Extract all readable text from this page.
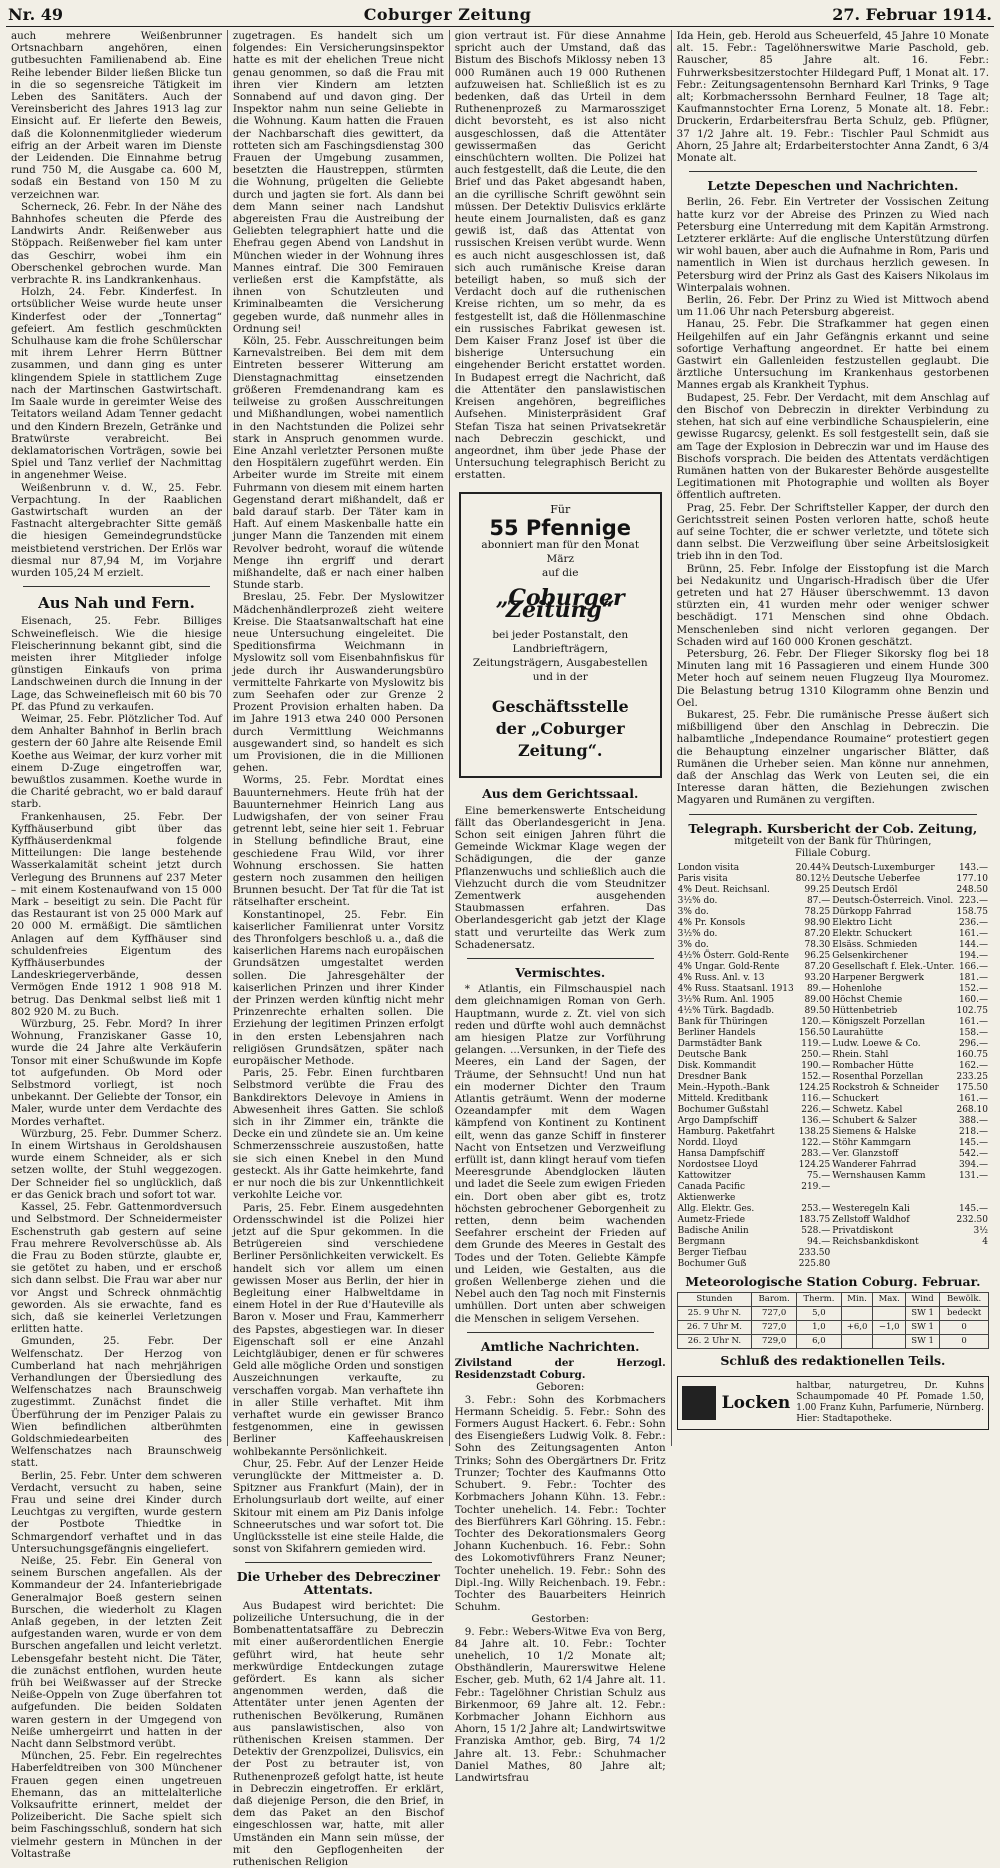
Nr. 49	Coburger Zeitung	27. Februar 1914.

auch mehrere Weißenbrunner Ortsnachbarn angehören, einen gutbesuchten Familienabend ab. Eine Reihe lebender Bilder ließen Blicke tun in die so segensreiche Tätigkeit im Leben des Sanitäters. Auch der Vereinsbericht des Jahres 1913 lag zur Einsicht auf. Er lieferte den Beweis, daß die Kolonnenmitglieder wiederum eifrig an der Arbeit waren im Dienste der Leidenden. Die Einnahme betrug rund 750 M, die Ausgabe ca. 600 M, sodaß ein Bestand von 150 M zu verzeichnen war.

Scherneck, 26. Febr. In der Nähe des Bahnhofes scheuten die Pferde des Landwirts Andr. Reißenweber aus Stöppach. Reißenweber fiel kam unter das Geschirr, wobei ihm ein Oberschenkel gebrochen wurde. Man verbrachte R. ins Landkrankenhaus.

Holzh, 24. Febr. Kinderfest. In ortsüblicher Weise wurde heute unser Kinderfest oder der „Tonnertag“ gefeiert. Am festlich geschmückten Schulhause kam die frohe Schülerschar mit ihrem Lehrer Herrn Büttner zusammen, und dann ging es unter klingendem Spiele in stattlichem Zuge nach der Martinschen Gastwirtschaft. Im Saale wurde in gereimter Weise des Teitators weiland Adam Tenner gedacht und den Kindern Brezeln, Getränke und Bratwürste verabreicht. Bei deklamatorischen Vorträgen, sowie bei Spiel und Tanz verlief der Nachmittag in angenehmer Weise.

Weißenbrunn v. d. W., 25. Febr. Verpachtung. In der Raablichen Gastwirtschaft wurden an der Fastnacht altergebrachter Sitte gemäß die hiesigen Gemeindegrundstücke meistbietend verstrichen. Der Erlös war diesmal nur 87,94 M, im Vorjahre wurden 105,24 M erzielt.

Aus Nah und Fern.

Eisenach, 25. Febr. Billiges Schweinefleisch. Wie die hiesige Fleischerinnung bekannt gibt, sind die meisten ihrer Mitglieder infolge günstigen Einkaufs von prima Landschweinen durch die Innung in der Lage, das Schweinefleisch mit 60 bis 70 Pf. das Pfund zu verkaufen.

Weimar, 25. Febr. Plötzlicher Tod. Auf dem Anhalter Bahnhof in Berlin brach gestern der 60 Jahre alte Reisende Emil Koethe aus Weimar, der kurz vorher mit einem D-Zuge eingetroffen war, bewußtlos zusammen. Koethe wurde in die Charité gebracht, wo er bald darauf starb.

Frankenhausen, 25. Febr. Der Kyffhäuserbund gibt über das Kyffhäuserdenkmal folgende Mitteilungen: Die lange bestehende Wasserkalamität scheint jetzt durch Verlegung des Brunnens auf 237 Meter – mit einem Kostenaufwand von 15 000 Mark – beseitigt zu sein. Die Pacht für das Restaurant ist von 25 000 Mark auf 20 000 M. ermäßigt. Die sämtlichen Anlagen auf dem Kyffhäuser sind schuldenfreies Eigentum des Kyffhäuserbundes der Landeskriegerverbände, dessen Vermögen Ende 1912 1 908 918 M. betrug. Das Denkmal selbst ließ mit 1 802 920 M. zu Buch.

Würzburg, 25. Febr. Mord? In ihrer Wohnung, Franziskaner Gasse 10, wurde die 24 Jahre alte Verkäuferin Tonsor mit einer Schußwunde im Kopfe tot aufgefunden. Ob Mord oder Selbstmord vorliegt, ist noch unbekannt. Der Geliebte der Tonsor, ein Maler, wurde unter dem Verdachte des Mordes verhaftet.

Würzburg, 25. Febr. Dummer Scherz. In einem Wirtshaus in Geroldshausen wurde einem Schneider, als er sich setzen wollte, der Stuhl weggezogen. Der Schneider fiel so unglücklich, daß er das Genick brach und sofort tot war.

Kassel, 25. Febr. Gattenmordversuch und Selbstmord. Der Schneidermeister Eschenstruth gab gestern auf seine Frau mehrere Revolverschüsse ab. Als die Frau zu Boden stürzte, glaubte er, sie getötet zu haben, und er erschoß sich dann selbst. Die Frau war aber nur vor Angst und Schreck ohnmächtig geworden. Als sie erwachte, fand es sich, daß sie keinerlei Verletzungen erlitten hatte.

Gmunden, 25. Febr. Der Welfenschatz. Der Herzog von Cumberland hat nach mehrjährigen Verhandlungen der Übersiedlung des Welfenschatzes nach Braunschweig zugestimmt. Zunächst findet die Überführung der im Penziger Palais zu Wien befindlichen altberühmten Goldschmiedearbeiten des Welfenschatzes nach Braunschweig statt.

Berlin, 25. Febr. Unter dem schweren Verdacht, versucht zu haben, seine Frau und seine drei Kinder durch Leuchtgas zu vergiften, wurde gestern der Postbote Thiedtke in Schmargendorf verhaftet und in das Untersuchungsgefängnis eingeliefert.

Neiße, 25. Febr. Ein General von seinem Burschen angefallen. Als der Kommandeur der 24. Infanteriebrigade Generalmajor Boeß gestern seinen Burschen, die wiederholt zu Klagen Anlaß gegeben, in der letzten Zeit aufgestanden waren, wurde er von dem Burschen angefallen und leicht verletzt. Lebensgefahr besteht nicht. Die Täter, die zunächst entflohen, wurden heute früh bei Weißwasser auf der Strecke Neiße-Oppeln von Zuge überfahren tot aufgefunden. Die beiden Soldaten waren gestern in der Umgegend von Neiße umhergeirrt und hatten in der Nacht dann Selbstmord verübt.

München, 25. Febr. Ein regelrechtes Haberfeldtreiben von 300 Münchener Frauen gegen einen ungetreuen Ehemann, das an mittelalterliche Volksaufritte erinnert, meldet der Polizeibericht. Die Sache spielt sich beim Faschingsschluß, sondern hat sich vielmehr gestern in München in der Voltastraße

zugetragen. Es handelt sich um folgendes: Ein Versicherungsinspektor hatte es mit der ehelichen Treue nicht genau genommen, so daß die Frau mit ihren vier Kindern am letzten Sonnabend auf und davon ging. Der Inspektor nahm nun seine Geliebte in die Wohnung. Kaum hatten die Frauen der Nachbarschaft dies gewittert, da rotteten sich am Faschingsdienstag 300 Frauen der Umgebung zusammen, besetzten die Haustreppen, stürmten die Wohnung, prügelten die Geliebte durch und jagten sie fort. Als dann bei dem Mann seiner nach Landshut abgereisten Frau die Austreibung der Geliebten telegraphiert hatte und die Ehefrau gegen Abend von Landshut in München wieder in der Wohnung ihres Mannes eintraf. Die 300 Femirauen verließen erst die Kampfstätte, als ihnen von Schutzleuten und Kriminalbeamten die Versicherung gegeben wurde, daß nunmehr alles in Ordnung sei!

Köln, 25. Febr. Ausschreitungen beim Karnevalstreiben. Bei dem mit dem Eintreten besserer Witterung am Dienstagnachmittag einsetzenden größeren Fremdenandrang kam es teilweise zu großen Ausschreitungen und Mißhandlungen, wobei namentlich in den Nachtstunden die Polizei sehr stark in Anspruch genommen wurde. Eine Anzahl verletzter Personen mußte den Hospitälern zugeführt werden. Ein Arbeiter wurde im Streite mit einem Fuhrmann von diesem mit einem harten Gegenstand derart mißhandelt, daß er bald darauf starb. Der Täter kam in Haft. Auf einem Maskenballe hatte ein junger Mann die Tanzenden mit einem Revolver bedroht, worauf die wütende Menge ihn ergriff und derart mißhandelte, daß er nach einer halben Stunde starb.

Breslau, 25. Febr. Der Myslowitzer Mädchenhändlerprozeß zieht weitere Kreise. Die Staatsanwaltschaft hat eine neue Untersuchung eingeleitet. Die Speditionsfirma Weichmann in Myslowitz soll vom Eisenbahnfiskus für jede durch ihr Auswanderungsbüro vermittelte Fahrkarte von Myslowitz bis zum Seehafen oder zur Grenze 2 Prozent Provision erhalten haben. Da im Jahre 1913 etwa 240 000 Personen durch Vermittlung Weichmanns ausgewandert sind, so handelt es sich um Provisionen, die in die Millionen gehen.

Worms, 25. Febr. Mordtat eines Bauunternehmers. Heute früh hat der Bauunternehmer Heinrich Lang aus Ludwigshafen, der von seiner Frau getrennt lebt, seine hier seit 1. Februar in Stellung befindliche Braut, eine geschiedene Frau Wild, vor ihrer Wohnung erschossen. Sie hatten gestern noch zusammen den heiligen Brunnen besucht. Der Tat für die Tat ist rätselhafter erscheint.

Konstantinopel, 25. Febr. Ein kaiserlicher Familienrat unter Vorsitz des Thronfolgers beschloß u. a., daß die kaiserlichen Harems nach europäischen Grundsätzen umgestaltet werden sollen. Die Jahresgehälter der kaiserlichen Prinzen und ihrer Kinder der Prinzen werden künftig nicht mehr Prinzenrechte erhalten sollen. Die Erziehung der legitimen Prinzen erfolgt in den ersten Lebensjahren nach religiösen Grundsätzen, später nach europäischer Methode.

Paris, 25. Febr. Einen furchtbaren Selbstmord verübte die Frau des Bankdirektors Delevoye in Amiens in Abwesenheit ihres Gatten. Sie schloß sich in ihr Zimmer ein, tränkte die Decke ein und zündete sie an. Um keine Schmerzensschreie auszustoßen, hatte sie sich einen Knebel in den Mund gesteckt. Als ihr Gatte heimkehrte, fand er nur noch die bis zur Unkenntlichkeit verkohlte Leiche vor.

Paris, 25. Febr. Einem ausgedehnten Ordensschwindel ist die Polizei hier jetzt auf die Spur gekommen. In die Betrügereien sind verschiedene Berliner Persönlichkeiten verwickelt. Es handelt sich vor allem um einen gewissen Moser aus Berlin, der hier in Begleitung einer Halbweltdame in einem Hotel in der Rue d'Hauteville als Baron v. Moser und Frau, Kammerherr des Papstes, abgestiegen war. In dieser Eigenschaft soll er eine Anzahl Leichtgläubiger, denen er für schweres Geld alle mögliche Orden und sonstigen Auszeichnungen verkaufte, zu verschaffen vorgab. Man verhaftete ihn in aller Stille verhaftet. Mit ihm verhaftet wurde ein gewisser Branco festgenommen, eine in gewissen Berliner Kaffeehauskreisen wohlbekannte Persönlichkeit.

Chur, 25. Febr. Auf der Lenzer Heide verunglückte der Mittmeister a. D. Spitzner aus Frankfurt (Main), der in Erholungsurlaub dort weilte, auf einer Skitour mit einem am Piz Danis infolge Schneerutsches und war sofort tot. Die Unglücksstelle ist eine steile Halde, die sonst von Skifahrern gemieden wird.

Die Urheber des Debrecziner Attentats.

Aus Budapest wird berichtet: Die polizeiliche Untersuchung, die in der Bombenattentatsaffäre zu Debreczin mit einer außerordentlichen Energie geführt wird, hat heute sehr merkwürdige Entdeckungen zutage gefördert. Es kann als sicher angenommen werden, daß die Attentäter unter jenen Agenten der ruthenischen Bevölkerung, Rumänen aus panslawistischen, also von rüthenischen Kreisen stammen. Der Detektiv der Grenzpolizei, Dulisvics, ein der Post zu betrauter ist, von Ruthenenprozeß gefolgt hatte, ist heute in Debreczin eingetroffen. Er erklärt, daß diejenige Person, die den Brief, in dem das Paket an den Bischof eingeschlossen war, hatte, mit aller Umständen ein Mann sein müsse, der mit den Gepflogenheiten der ruthenischen Religion

gion vertraut ist. Für diese Annahme spricht auch der Umstand, daß das Bistum des Bischofs Miklossy neben 13 000 Rumänen auch 19 000 Ruthenen aufzuweisen hat. Schließlich ist es zu bedenken, daß das Urteil in dem Ruthenenprozeß zu Marmarossziget dicht bevorsteht, es ist also nicht ausgeschlossen, daß die Attentäter gewissermaßen das Gericht einschüchtern wollten. Die Polizei hat auch festgestellt, daß die Leute, die den Brief und das Paket abgesandt haben, an die cyrillische Schrift gewöhnt sein müssen. Der Detektiv Dulisvics erklärte heute einem Journalisten, daß es ganz gewiß ist, daß das Attentat von russischen Kreisen verübt wurde. Wenn es auch nicht ausgeschlossen ist, daß sich auch rumänische Kreise daran beteiligt haben, so muß sich der Verdacht doch auf die ruthenischen Kreise richten, um so mehr, da es festgestellt ist, daß die Höllenmaschine ein russisches Fabrikat gewesen ist. Dem Kaiser Franz Josef ist über die bisherige Untersuchung ein eingehender Bericht erstattet worden. In Budapest erregt die Nachricht, daß die Attentäter den panslawistischen Kreisen angehören, begreifliches Aufsehen. Ministerpräsident Graf Stefan Tisza hat seinen Privatsekretär nach Debreczin geschickt, und angeordnet, ihm über jede Phase der Untersuchung telegraphisch Bericht zu erstatten.

Für
55 Pfennige
abonniert man für den Monat März
auf die
„Coburger Zeitung“
bei jeder Postanstalt, den Landbriefträgern, Zeitungsträgern, Ausgabestellen und in der
Geschäftsstelle
der „Coburger Zeitung“.
Aus dem Gerichtssaal.

Eine bemerkenswerte Entscheidung fällt das Oberlandesgericht in Jena. Schon seit einigen Jahren führt die Gemeinde Wickmar Klage wegen der Schädigungen, die der ganze Pflanzenwuchs und schließlich auch die Viehzucht durch die vom Steudnitzer Zementwerk ausgehenden Staubmassen erfahren. Das Oberlandesgericht gab jetzt der Klage statt und verurteilte das Werk zum Schadenersatz.

Vermischtes.

* Atlantis, ein Filmschauspiel nach dem gleichnamigen Roman von Gerh. Hauptmann, wurde z. Zt. viel von sich reden und dürfte wohl auch demnächst am hiesigen Platze zur Vorführung gelangen. ...Versunken, in der Tiefe des Meeres, ein Land der Sagen, der Träume, der Sehnsucht! Und nun hat ein moderner Dichter den Traum Atlantis geträumt. Wenn der moderne Ozeandampfer mit dem Wagen kämpfend von Kontinent zu Kontinent eilt, wenn das ganze Schiff in finsterer Nacht von Entsetzen und Verzweiflung erfüllt ist, dann klingt herauf vom tiefen Meeresgrunde Abendglocken läuten und ladet die Seele zum ewigen Frieden ein. Dort oben aber gibt es, trotz höchsten gebrochener Geborgenheit zu retten, denn beim wachenden Seefahrer erscheint der Frieden auf dem Grunde des Meeres in Gestalt des Todes und der Toten. Geliebte Kämpfe und Leiden, wie Gestalten, aus die großen Wellenberge ziehen und die Nebel auch den Tag noch mit Finsternis umhüllen. Dort unten aber schweigen die Menschen in seligem Versehen.

Amtliche Nachrichten.

Zivilstand der Herzogl. Residenzstadt Coburg.

Geboren:

3. Febr.: Sohn des Korbmachers Hermann Scheidig. 5. Febr.: Sohn des Formers August Hackert. 6. Febr.: Sohn des Eisengießers Ludwig Volk. 8. Febr.: Sohn des Zeitungsagenten Anton Trinks; Sohn des Obergärtners Dr. Fritz Trunzer; Tochter des Kaufmanns Otto Schubert. 9. Febr.: Tochter des Korbmachers Johann Kühn. 13. Febr.: Tochter unehelich. 14. Febr.: Tochter des Bierführers Karl Göhring. 15. Febr.: Tochter des Dekorationsmalers Georg Johann Kuchenbuch. 16. Febr.: Sohn des Lokomotivführers Franz Neuner; Tochter unehelich. 19. Febr.: Sohn des Dipl.-Ing. Willy Reichenbach. 19. Febr.: Tochter des Bauarbeiters Heinrich Schuhm.

Gestorben:

9. Febr.: Webers-Witwe Eva von Berg, 84 Jahre alt. 10. Febr.: Tochter unehelich, 10 1/2 Monate alt; Obsthändlerin, Maurerswitwe Helene Escher, geb. Muth, 62 1/4 Jahre alt. 11. Febr.: Tagelöhner Christian Schulz aus Birkenmoor, 69 Jahre alt. 12. Febr.: Korbmacher Johann Eichhorn aus Ahorn, 15 1/2 Jahre alt; Landwirtswitwe Franziska Amthor, geb. Birg, 74 1/2 Jahre alt. 13. Febr.: Schuhmacher Daniel Mathes, 80 Jahre alt; Landwirtsfrau

Ida Hein, geb. Herold aus Scheuerfeld, 45 Jahre 10 Monate alt. 15. Febr.: Tagelöhnerswitwe Marie Paschold, geb. Rauscher, 85 Jahre alt. 16. Febr.: Fuhrwerksbesitzerstochter Hildegard Puff, 1 Monat alt. 17. Febr.: Zeitungsagentensohn Bernhard Karl Trinks, 9 Tage alt; Korbmacherssohn Bernhard Feulner, 18 Tage alt; Kaufmannstochter Erna Lorenz, 5 Monate alt. 18. Febr.: Druckerin, Erdarbeitersfrau Berta Schulz, geb. Pflügner, 37 1/2 Jahre alt. 19. Febr.: Tischler Paul Schmidt aus Ahorn, 25 Jahre alt; Erdarbeiterstochter Anna Zandt, 6 3/4 Monate alt.

Letzte Depeschen und Nachrichten.

Berlin, 26. Febr. Ein Vertreter der Vossischen Zeitung hatte kurz vor der Abreise des Prinzen zu Wied nach Petersburg eine Unterredung mit dem Kapitän Armstrong. Letzterer erklärte: Auf die englische Unterstützung dürfen wir wohl bauen, aber auch die Aufnahme in Rom, Paris und namentlich in Wien ist durchaus herzlich gewesen. In Petersburg wird der Prinz als Gast des Kaisers Nikolaus im Winterpalais wohnen.

Berlin, 26. Febr. Der Prinz zu Wied ist Mittwoch abend um 11.06 Uhr nach Petersburg abgereist.

Hanau, 25. Febr. Die Strafkammer hat gegen einen Heilgehilfen auf ein Jahr Gefängnis erkannt und seine sofortige Verhaftung angeordnet. Er hatte bei einem Gastwirt ein Gallenleiden festzustellen geglaubt. Die ärztliche Untersuchung im Krankenhaus gestorbenen Mannes ergab als Krankheit Typhus.

Budapest, 25. Febr. Der Verdacht, mit dem Anschlag auf den Bischof von Debreczin in direkter Verbindung zu stehen, hat sich auf eine verbindliche Schauspielerin, eine gewisse Rugarcsy, gelenkt. Es soll festgestellt sein, daß sie am Tage der Explosion in Debreczin war und im Hause des Bischofs vorsprach. Die beiden des Attentats verdächtigen Rumänen hatten von der Bukarester Behörde ausgestellte Legitimationen mit Photographie und wollten als Boyer öffentlich auftreten.

Prag, 25. Febr. Der Schriftsteller Kapper, der durch den Gerichtsstreit seinen Posten verloren hatte, schoß heute auf seine Tochter, die er schwer verletzte, und tötete sich dann selbst. Die Verzweiflung über seine Arbeitslosigkeit trieb ihn in den Tod.

Brünn, 25. Febr. Infolge der Eisstopfung ist die March bei Nedakunitz und Ungarisch-Hradisch über die Ufer getreten und hat 27 Häuser überschwemmt. 13 davon stürzten ein, 41 wurden mehr oder weniger schwer beschädigt. 171 Menschen sind ohne Obdach. Menschenleben sind nicht verloren gegangen. Der Schaden wird auf 160 000 Kronen geschätzt.

Petersburg, 26. Febr. Der Flieger Sikorsky flog bei 18 Minuten lang mit 16 Passagieren und einem Hunde 300 Meter hoch auf seinem neuen Flugzeug Ilya Mouromez. Die Belastung betrug 1310 Kilogramm ohne Benzin und Oel.

Bukarest, 25. Febr. Die rumänische Presse äußert sich mißbilligend über den Anschlag in Debreczin. Die halbamtliche „Independance Roumaine“ protestiert gegen die Behauptung einzelner ungarischer Blätter, daß Rumänen die Urheber seien. Man könne nur annehmen, daß der Anschlag das Werk von Leuten sei, die ein Interesse daran hätten, die Beziehungen zwischen Magyaren und Rumänen zu vergiften.

Telegraph. Kursbericht der Cob. Zeitung,
mitgeteilt von der Bank für Thüringen,
Filiale Coburg.
London visita	20.44¾	Deutsch-Luxemburger	143.—
Paris visita	80.12½	Deutsche Ueberfee	177.10
4% Deut. Reichsanl.	99.25	Deutsch Erdöl	248.50
3½% do.	87.—	Deutsch-Österreich. Vinol.	223.—
3% do.	78.25	Dürkopp Fahrrad	158.75
4% Pr. Konsols	98.90	Elektro Licht	236.—
3½% do.	87.20	Elektr. Schuckert	161.—
3% do.	78.30	Elsäss. Schmieden	144.—
4½% Österr. Gold-Rente	96.25	Gelsenkirchener	194.—
4% Ungar. Gold-Rente	87.20	Gesellschaft f. Elek.-Unter.	166.—
4% Russ. Anl. v. 13	93.20	Harpener Bergwerk	181.—
4% Russ. Staatsanl. 1913	89.—	Hohenlohe	152.—
3½% Rum. Anl. 1905	89.00	Höchst Chemie	160.—
4½% Türk. Bagdadb.	89.50	Hüttenbetrieb	102.75
Bank für Thüringen	120.—	Königszelt Porzellan	161.—
Berliner Handels	156.50	Laurahütte	158.—
Darmstädter Bank	119.—	Ludw. Loewe & Co.	296.—
Deutsche Bank	250.—	Rhein. Stahl	160.75
Disk. Kommandit	190.—	Rombacher Hütte	162.—
Dresdner Bank	152.—	Rosenthal Porzellan	233.25
Mein.-Hypoth.-Bank	124.25	Rockstroh & Schneider	175.50
Mitteld. Kreditbank	116.—	Schuckert	161.—
Bochumer Gußstahl	226.—	Schwetz. Kabel	268.10
Argo Dampfschiff	136.—	Schubert & Salzer	388.—
Hamburg. Paketfahrt	138.25	Siemens & Halske	218.—
Nordd. Lloyd	122.—	Stöhr Kammgarn	145.—
Hansa Dampfschiff	283.—	Ver. Glanzstoff	542.—
Nordostsee Lloyd	124.25	Wanderer Fahrrad	394.—
Kattowitzer	75.—	Wernshausen Kamm	131.—
Canada Pacific	219.—		
Aktienwerke			
Allg. Elektr. Ges.	253.—	Westeregeln Kali	145.—
Aumetz-Friede	183.75	Zellstoff Waldhof	232.50
Badische Anilin	528.—	Privatdiskont	3½
Bergmann	94.—	Reichsbankdiskont	4
Berger Tiefbau	233.50		
Bochumer Guß	225.80		
Meteorologische Station Coburg. Februar.
Stunden	Barom.	Therm.	Min.	Max.	Wind	Bewölk.
25. 9 Uhr N.	727,0	5,0			SW 1	bedeckt
26. 7 Uhr M.	727,0	1,0	+6,0	−1,0	SW 1	0
26. 2 Uhr N.	729,0	6,0			SW 1	0
Schluß des redaktionellen Teils.
Locken
haltbar, naturgetreu, Dr. Kuhns Schaumpomade 40 Pf. Pomade 1.50, 1.00 Franz Kuhn, Parfumerie, Nürnberg. Hier: Stadtapotheke.
